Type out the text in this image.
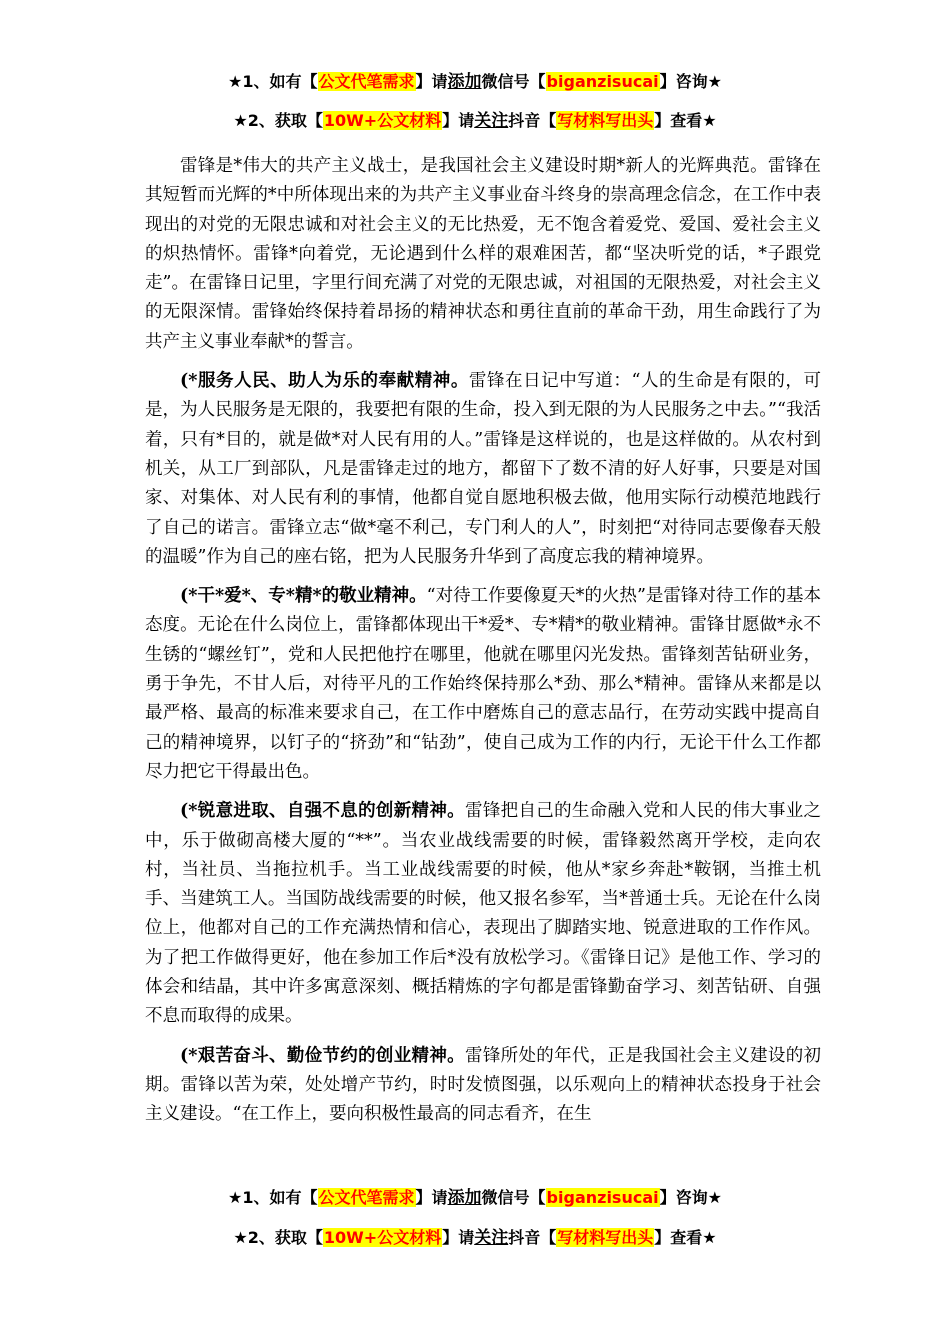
★1、如有【公文代笔需求】请添加微信号【biganzisucai】咨询★
★2、获取【10W+公文材料】请关注抖音【写材料写出头】查看★

雷锋是*伟大的共产主义战士，是我国社会主义建设时期*新人的光辉典范。雷锋在其短暂而光辉的*中所体现出来的为共产主义事业奋斗终身的崇高理念信念，在工作中表现出的对党的无限忠诚和对社会主义的无比热爱，无不饱含着爱党、爱国、爱社会主义的炽热情怀。雷锋*向着党，无论遇到什么样的艰难困苦，都“坚决听党的话，*子跟党走”。在雷锋日记里，字里行间充满了对党的无限忠诚，对祖国的无限热爱，对社会主义的无限深情。雷锋始终保持着昂扬的精神状态和勇往直前的革命干劲，用生命践行了为共产主义事业奉献*的誓言。

(*服务人民、助人为乐的奉献精神。雷锋在日记中写道：“人的生命是有限的，可是，为人民服务是无限的，我要把有限的生命，投入到无限的为人民服务之中去。”“我活着，只有*目的，就是做*对人民有用的人。”雷锋是这样说的，也是这样做的。从农村到机关，从工厂到部队，凡是雷锋走过的地方，都留下了数不清的好人好事，只要是对国家、对集体、对人民有利的事情，他都自觉自愿地积极去做，他用实际行动模范地践行了自己的诺言。雷锋立志“做*毫不利己，专门利人的人”，时刻把“对待同志要像春天般的温暖”作为自己的座右铭，把为人民服务升华到了高度忘我的精神境界。

(*干*爱*、专*精*的敬业精神。“对待工作要像夏天*的火热”是雷锋对待工作的基本态度。无论在什么岗位上，雷锋都体现出干*爱*、专*精*的敬业精神。雷锋甘愿做*永不生锈的“螺丝钉”，党和人民把他拧在哪里，他就在哪里闪光发热。雷锋刻苦钻研业务，勇于争先，不甘人后，对待平凡的工作始终保持那么*劲、那么*精神。雷锋从来都是以最严格、最高的标准来要求自己，在工作中磨炼自己的意志品行，在劳动实践中提高自己的精神境界，以钉子的“挤劲”和“钻劲”，使自己成为工作的内行，无论干什么工作都尽力把它干得最出色。

(*锐意进取、自强不息的创新精神。雷锋把自己的生命融入党和人民的伟大事业之中，乐于做砌高楼大厦的“**”。当农业战线需要的时候，雷锋毅然离开学校，走向农村，当社员、当拖拉机手。当工业战线需要的时候，他从*家乡奔赴*鞍钢，当推土机手、当建筑工人。当国防战线需要的时候，他又报名参军，当*普通士兵。无论在什么岗位上，他都对自己的工作充满热情和信心，表现出了脚踏实地、锐意进取的工作作风。为了把工作做得更好，他在参加工作后*没有放松学习。《雷锋日记》是他工作、学习的体会和结晶，其中许多寓意深刻、概括精炼的字句都是雷锋勤奋学习、刻苦钻研、自强不息而取得的成果。

(*艰苦奋斗、勤俭节约的创业精神。雷锋所处的年代，正是我国社会主义建设的初期。雷锋以苦为荣，处处增产节约，时时发愤图强，以乐观向上的精神状态投身于社会主义建设。“在工作上，要向积极性最高的同志看齐，在生

★1、如有【公文代笔需求】请添加微信号【biganzisucai】咨询★
★2、获取【10W+公文材料】请关注抖音【写材料写出头】查看★
